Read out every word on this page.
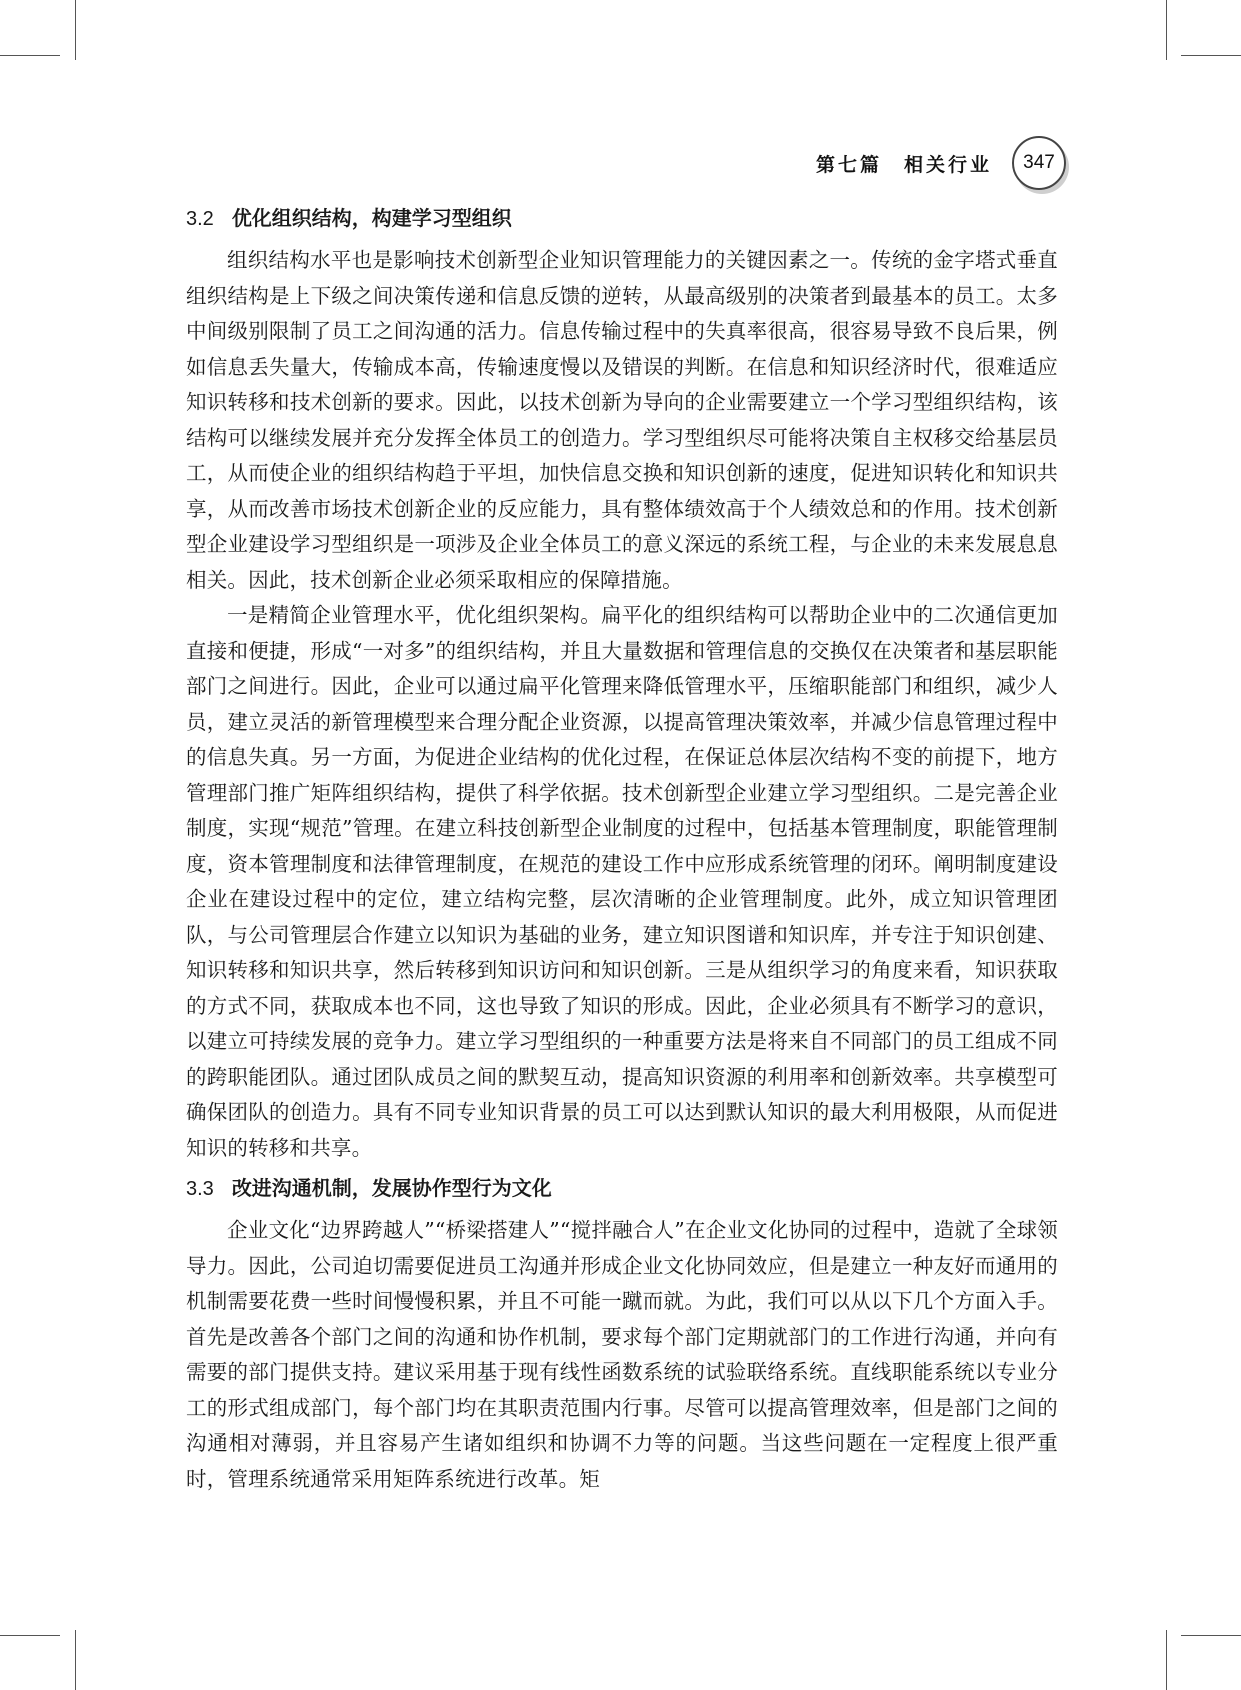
第七篇　相关行业 347
3.2 优化组织结构，构建学习型组织

组织结构水平也是影响技术创新型企业知识管理能力的关键因素之一。传统的金字塔式垂直组织结构是上下级之间决策传递和信息反馈的逆转，从最高级别的决策者到最基本的员工。太多中间级别限制了员工之间沟通的活力。信息传输过程中的失真率很高，很容易导致不良后果，例如信息丢失量大，传输成本高，传输速度慢以及错误的判断。在信息和知识经济时代，很难适应知识转移和技术创新的要求。因此，以技术创新为导向的企业需要建立一个学习型组织结构，该结构可以继续发展并充分发挥全体员工的创造力。学习型组织尽可能将决策自主权移交给基层员工，从而使企业的组织结构趋于平坦，加快信息交换和知识创新的速度，促进知识转化和知识共享，从而改善市场技术创新企业的反应能力，具有整体绩效高于个人绩效总和的作用。技术创新型企业建设学习型组织是一项涉及企业全体员工的意义深远的系统工程，与企业的未来发展息息相关。因此，技术创新企业必须采取相应的保障措施。

一是精简企业管理水平，优化组织架构。扁平化的组织结构可以帮助企业中的二次通信更加直接和便捷，形成“一对多”的组织结构，并且大量数据和管理信息的交换仅在决策者和基层职能部门之间进行。因此，企业可以通过扁平化管理来降低管理水平，压缩职能部门和组织，减少人员，建立灵活的新管理模型来合理分配企业资源，以提高管理决策效率，并减少信息管理过程中的信息失真。另一方面，为促进企业结构的优化过程，在保证总体层次结构不变的前提下，地方管理部门推广矩阵组织结构，提供了科学依据。技术创新型企业建立学习型组织。二是完善企业制度，实现“规范”管理。在建立科技创新型企业制度的过程中，包括基本管理制度，职能管理制度，资本管理制度和法律管理制度，在规范的建设工作中应形成系统管理的闭环。阐明制度建设企业在建设过程中的定位，建立结构完整，层次清晰的企业管理制度。此外，成立知识管理团队，与公司管理层合作建立以知识为基础的业务，建立知识图谱和知识库，并专注于知识创建、知识转移和知识共享，然后转移到知识访问和知识创新。三是从组织学习的角度来看，知识获取的方式不同，获取成本也不同，这也导致了知识的形成。因此，企业必须具有不断学习的意识，以建立可持续发展的竞争力。建立学习型组织的一种重要方法是将来自不同部门的员工组成不同的跨职能团队。通过团队成员之间的默契互动，提高知识资源的利用率和创新效率。共享模型可确保团队的创造力。具有不同专业知识背景的员工可以达到默认知识的最大利用极限，从而促进知识的转移和共享。

3.3 改进沟通机制，发展协作型行为文化

企业文化“边界跨越人”“桥梁搭建人”“搅拌融合人”在企业文化协同的过程中，造就了全球领导力。因此，公司迫切需要促进员工沟通并形成企业文化协同效应，但是建立一种友好而通用的机制需要花费一些时间慢慢积累，并且不可能一蹴而就。为此，我们可以从以下几个方面入手。首先是改善各个部门之间的沟通和协作机制，要求每个部门定期就部门的工作进行沟通，并向有需要的部门提供支持。建议采用基于现有线性函数系统的试验联络系统。直线职能系统以专业分工的形式组成部门，每个部门均在其职责范围内行事。尽管可以提高管理效率，但是部门之间的沟通相对薄弱，并且容易产生诸如组织和协调不力等的问题。当这些问题在一定程度上很严重时，管理系统通常采用矩阵系统进行改革。矩
